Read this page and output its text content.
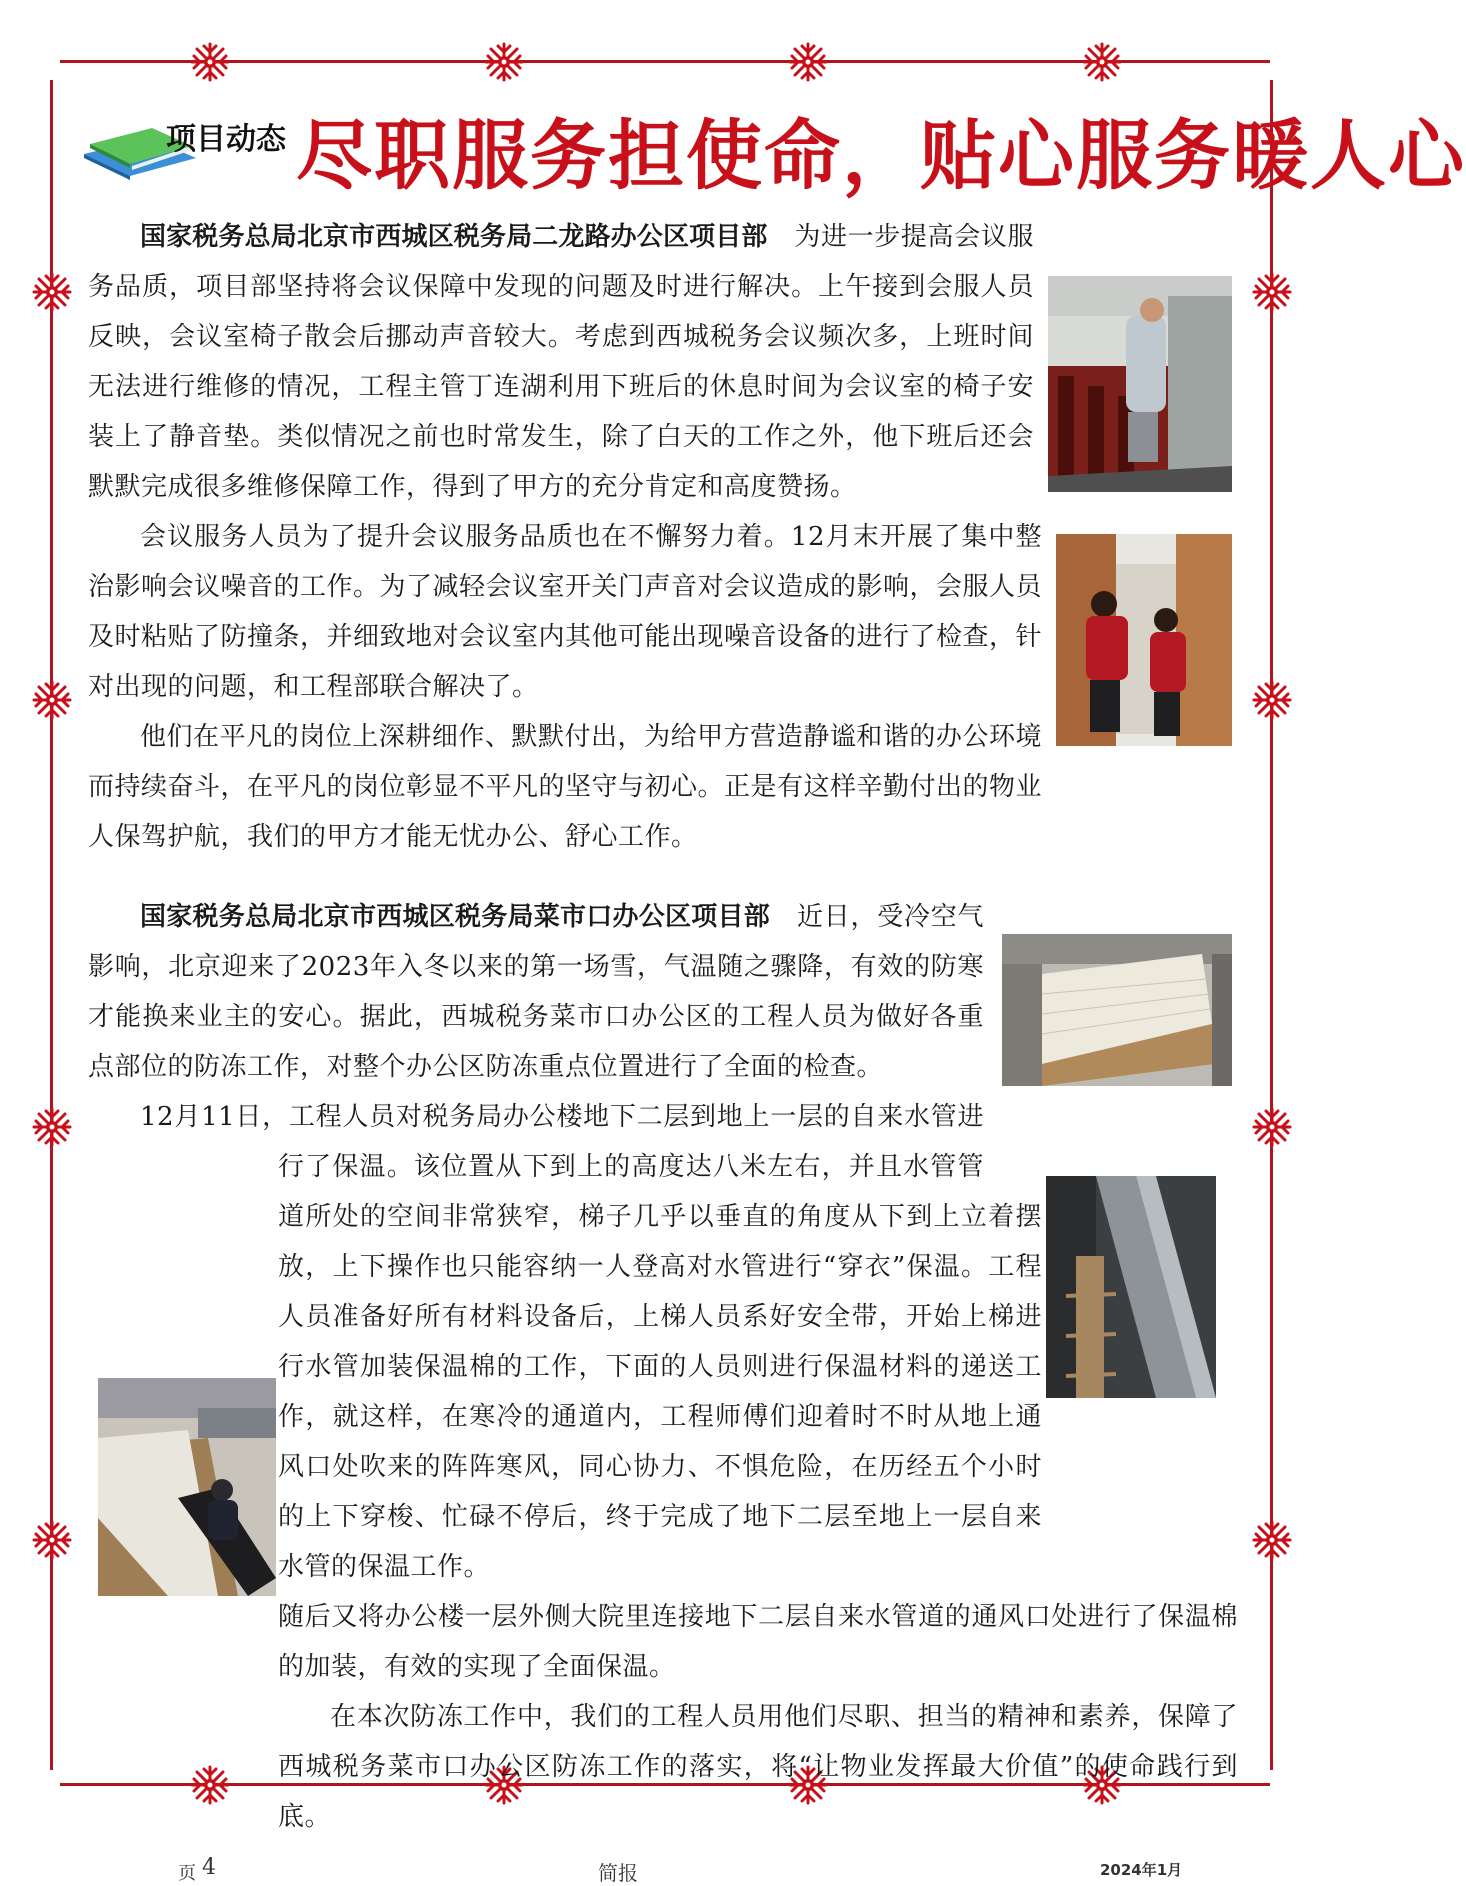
项目动态 尽职服务担使命，贴心服务暖人心

国家税务总局北京市西城区税务局二龙路办公区项目部 为进一步提高会议服务品质，项目部坚持将会议保障中发现的问题及时进行解决。上午接到会服人员反映，会议室椅子散会后挪动声音较大。考虑到西城税务会议频次多，上班时间无法进行维修的情况，工程主管丁连湖利用下班后的休息时间为会议室的椅子安装上了静音垫。类似情况之前也时常发生，除了白天的工作之外，他下班后还会默默完成很多维修保障工作，得到了甲方的充分肯定和高度赞扬。

会议服务人员为了提升会议服务品质也在不懈努力着。12月末开展了集中整治影响会议噪音的工作。为了减轻会议室开关门声音对会议造成的影响，会服人员及时粘贴了防撞条，并细致地对会议室内其他可能出现噪音设备的进行了检查，针对出现的问题，和工程部联合解决了。

他们在平凡的岗位上深耕细作、默默付出，为给甲方营造静谧和谐的办公环境而持续奋斗，在平凡的岗位彰显不平凡的坚守与初心。正是有这样辛勤付出的物业人保驾护航，我们的甲方才能无忧办公、舒心工作。

国家税务总局北京市西城区税务局菜市口办公区项目部 近日，受冷空气影响，北京迎来了2023年入冬以来的第一场雪，气温随之骤降，有效的防寒才能换来业主的安心。据此，西城税务菜市口办公区的工程人员为做好各重点部位的防冻工作，对整个办公区防冻重点位置进行了全面的检查。

12月11日，工程人员对税务局办公楼地下二层到地上一层的自来水管进行了保温。该位置从下到上的高度达八米左右，并且水管管道所处的空间非常狭窄，梯子几乎以垂直的角度从下到上立着摆放，上下操作也只能容纳一人登高对水管进行“穿衣”保温。工程人员准备好所有材料设备后，上梯人员系好安全带，开始上梯进行水管加装保温棉的工作，下面的人员则进行保温材料的递送工作，就这样，在寒冷的通道内，工程师傅们迎着时不时从地上通风口处吹来的阵阵寒风，同心协力、不惧危险，在历经五个小时的上下穿梭、忙碌不停后，终于完成了地下二层至地上一层自来水管的保温工作。

随后又将办公楼一层外侧大院里连接地下二层自来水管道的通风口处进行了保温棉的加装，有效的实现了全面保温。

在本次防冻工作中，我们的工程人员用他们尽职、担当的精神和素养，保障了西城税务菜市口办公区防冻工作的落实，将“让物业发挥最大价值”的使命践行到底。

页 4	简报	2024年1月
